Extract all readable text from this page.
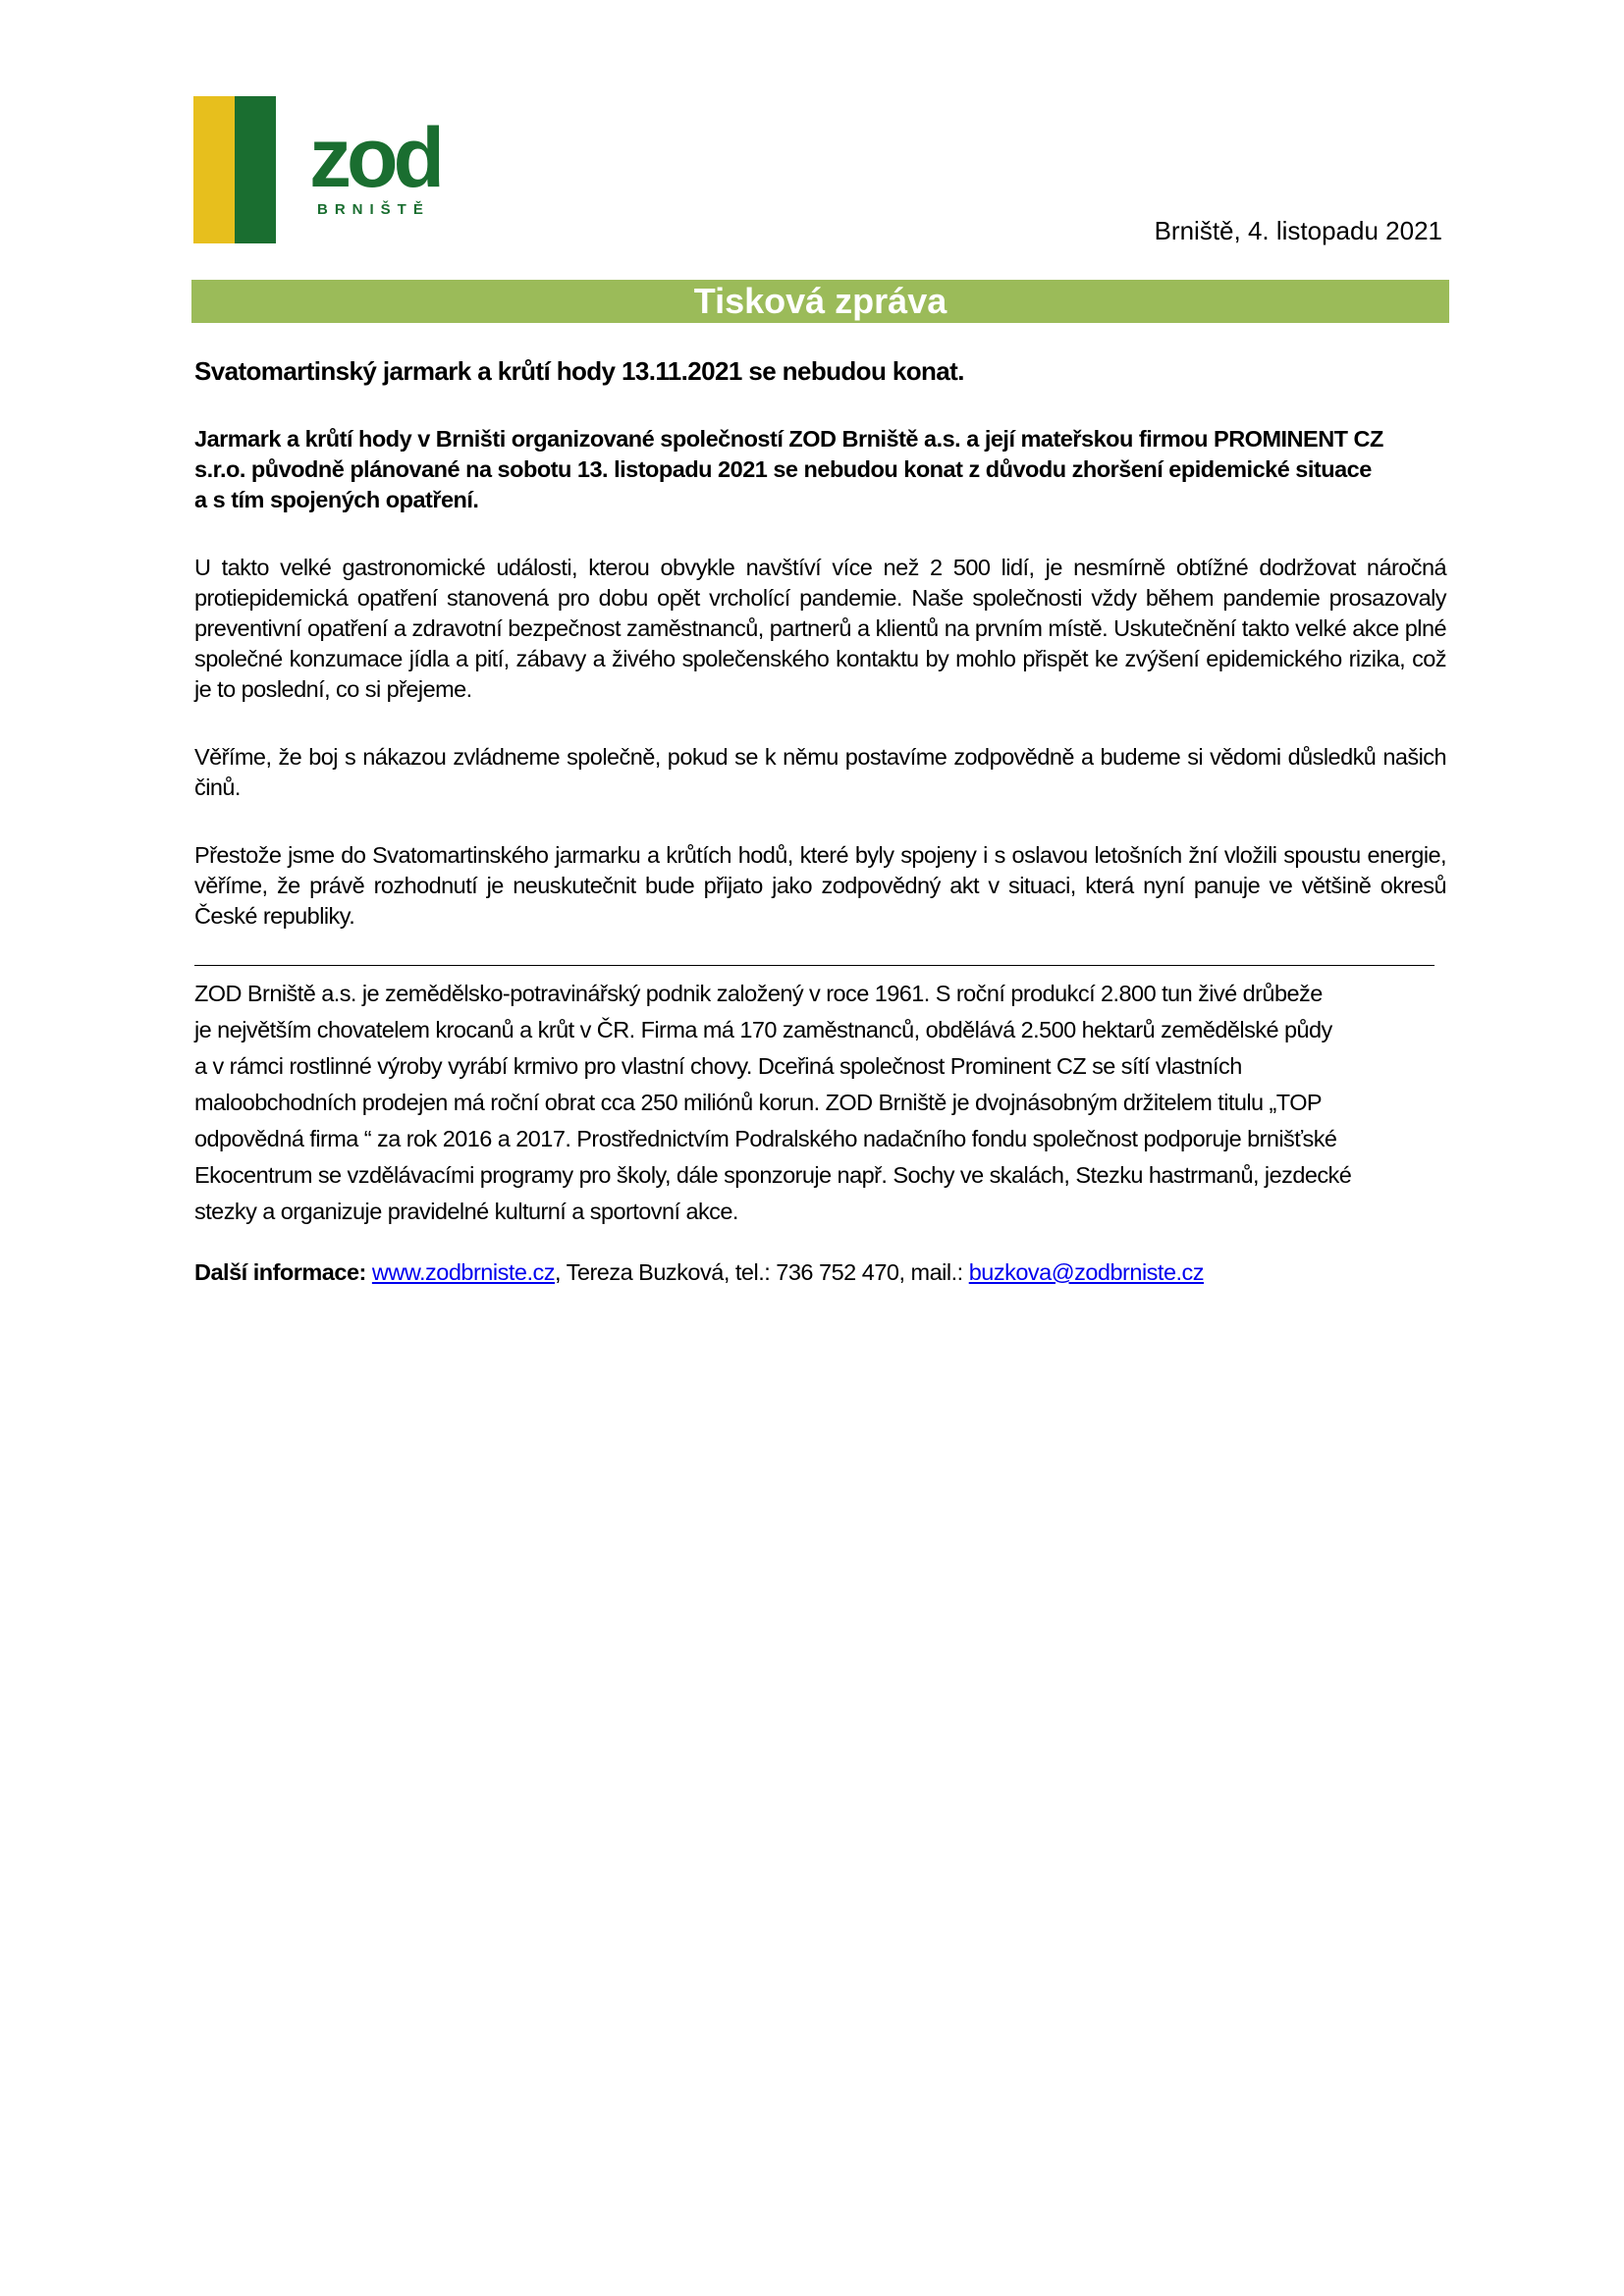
zod
BRNIŠTĚ
Brniště, 4. listopadu 2021
Tisková zpráva

Svatomartinský jarmark a krůtí hody 13.11.2021 se nebudou konat.

Jarmark a krůtí hody v Brništi organizované společností ZOD Brniště a.s. a její mateřskou firmou PROMINENT CZ
s.r.o. původně plánované na sobotu 13. listopadu 2021 se nebudou konat z důvodu zhoršení epidemické situace
a s tím spojených opatření.

U takto velké gastronomické události, kterou obvykle navštíví více než 2 500 lidí, je nesmírně obtížné dodržovat náročná protiepidemická opatření stanovená pro dobu opět vrcholící pandemie. Naše společnosti vždy během pandemie prosazovaly preventivní opatření a zdravotní bezpečnost zaměstnanců, partnerů a klientů na prvním místě. Uskutečnění takto velké akce plné společné konzumace jídla a pití, zábavy a živého společenského kontaktu by mohlo přispět ke zvýšení epidemického rizika, což je to poslední, co si přejeme.

Věříme, že boj s nákazou zvládneme společně, pokud se k němu postavíme zodpovědně a budeme si vědomi důsledků našich činů.

Přestože jsme do Svatomartinského jarmarku a krůtích hodů, které byly spojeny i s oslavou letošních žní vložili spoustu energie, věříme, že právě rozhodnutí je neuskutečnit bude přijato jako zodpovědný akt v situaci, která nyní panuje ve většině okresů České republiky.

ZOD Brniště a.s. je zemědělsko-potravinářský podnik založený v roce 1961. S roční produkcí 2.800 tun živé drůbeže
je největším chovatelem krocanů a krůt v ČR. Firma má 170 zaměstnanců, obdělává 2.500 hektarů zemědělské půdy
a v rámci rostlinné výroby vyrábí krmivo pro vlastní chovy. Dceřiná společnost Prominent CZ se sítí vlastních
maloobchodních prodejen má roční obrat cca 250 miliónů korun. ZOD Brniště je dvojnásobným držitelem titulu „TOP
odpovědná firma “ za rok 2016 a 2017. Prostřednictvím Podralského nadačního fondu společnost podporuje brnišťské
Ekocentrum se vzdělávacími programy pro školy, dále sponzoruje např. Sochy ve skalách, Stezku hastrmanů, jezdecké
stezky a organizuje pravidelné kulturní a sportovní akce.

Další informace: www.zodbrniste.cz, Tereza Buzková, tel.: 736 752 470, mail.: buzkova@zodbrniste.cz
